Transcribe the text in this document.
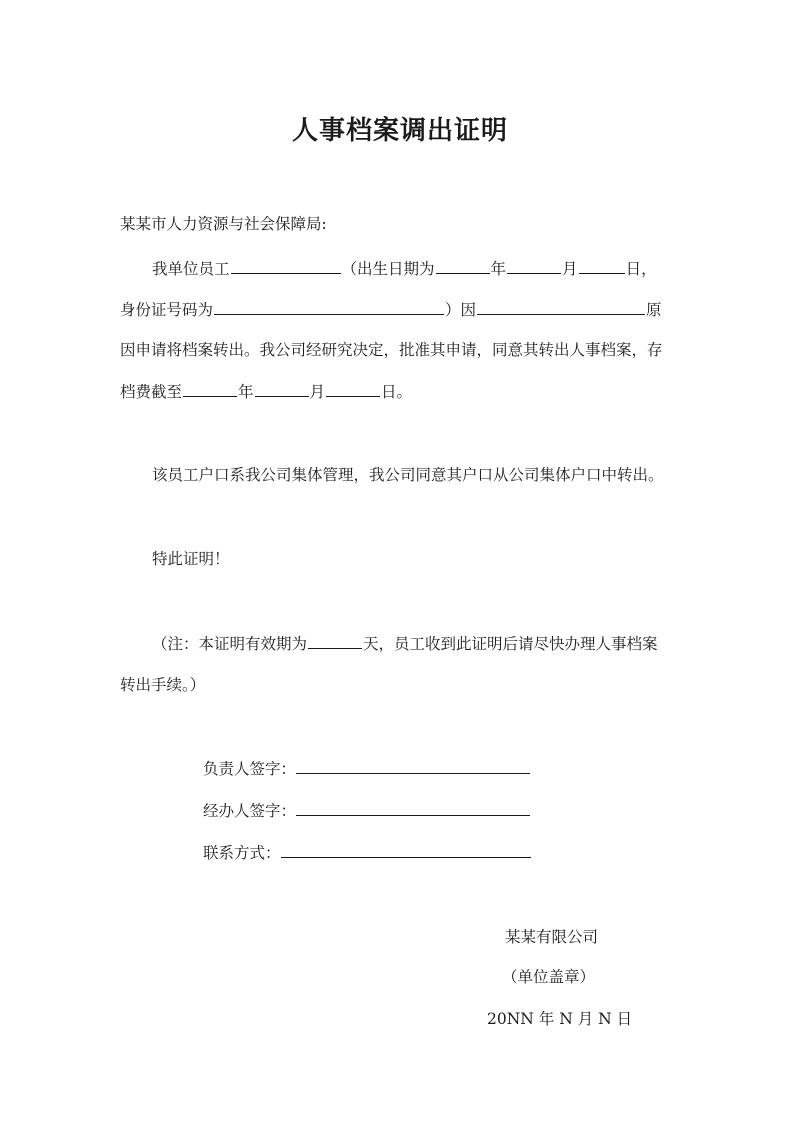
人事档案调出证明
某某市人力资源与社会保障局:
我单位员工	（出生日期为	年	月	日，
身份证号码为	）因	原
因申请将档案转出。我公司经研究决定，批准其申请，同意其转出人事档案，存
档费截至	年	月	日。
该员工户口系我公司集体管理，我公司同意其户口从公司集体户口中转出。
特此证明！
（注：本证明有效期为	天，员工收到此证明后请尽快办理人事档案
转出手续。）
负责人签字：
经办人签字：
联系方式：
某某有限公司
（单位盖章）
20NN 年 N 月 N 日
